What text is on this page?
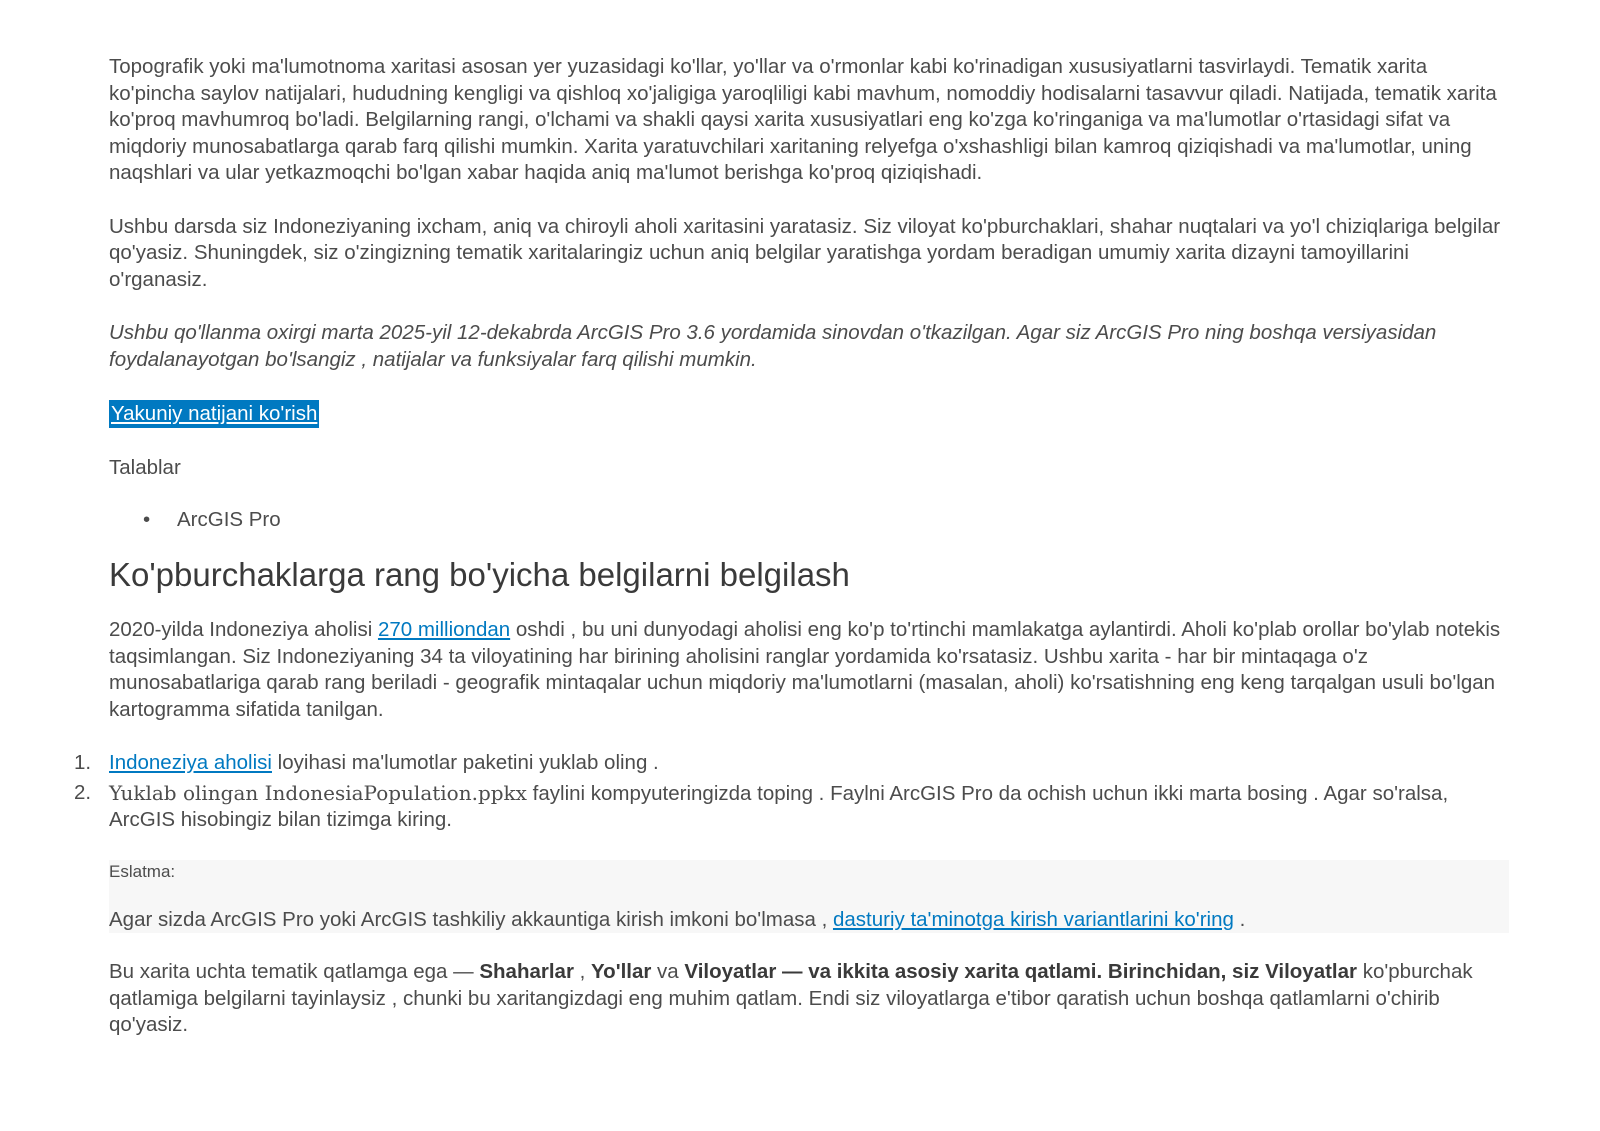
Topografik yoki ma'lumotnoma xaritasi asosan yer yuzasidagi ko'llar, yo'llar va o'rmonlar kabi ko'rinadigan xususiyatlarni tasvirlaydi. Tematik xarita ko'pincha saylov natijalari, hududning kengligi va qishloq xo'jaligiga yaroqliligi kabi mavhum, nomoddiy hodisalarni tasavvur qiladi. Natijada, tematik xarita ko'proq mavhumroq bo'ladi. Belgilarning rangi, o'lchami va shakli qaysi xarita xususiyatlari eng ko'zga ko'ringaniga va ma'lumotlar o'rtasidagi sifat va miqdoriy munosabatlarga qarab farq qilishi mumkin. Xarita yaratuvchilari xaritaning relyefga o'xshashligi bilan kamroq qiziqishadi va ma'lumotlar, uning naqshlari va ular yetkazmoqchi bo'lgan xabar haqida aniq ma'lumot berishga ko'proq qiziqishadi.

Ushbu darsda siz Indoneziyaning ixcham, aniq va chiroyli aholi xaritasini yaratasiz. Siz viloyat ko'pburchaklari, shahar nuqtalari va yo'l chiziqlariga belgilar qo'yasiz. Shuningdek, siz o'zingizning tematik xaritalaringiz uchun aniq belgilar yaratishga yordam beradigan umumiy xarita dizayni tamoyillarini o'rganasiz.

Ushbu qo'llanma oxirgi marta 2025-yil 12-dekabrda ArcGIS Pro 3.6 yordamida sinovdan o'tkazilgan. Agar siz ArcGIS Pro ning boshqa versiyasidan foydalanayotgan bo'lsangiz , natijalar va funksiyalar farq qilishi mumkin.

Yakuniy natijani ko'rish

Talablar

• ArcGIS Pro
Ko'pburchaklarga rang bo'yicha belgilarni belgilash

2020-yilda Indoneziya aholisi 270 milliondan oshdi , bu uni dunyodagi aholisi eng ko'p to'rtinchi mamlakatga aylantirdi. Aholi ko'plab orollar bo'ylab notekis taqsimlangan. Siz Indoneziyaning 34 ta viloyatining har birining aholisini ranglar yordamida ko'rsatasiz. Ushbu xarita - har bir mintaqaga o'z munosabatlariga qarab rang beriladi - geografik mintaqalar uchun miqdoriy ma'lumotlarni (masalan, aholi) ko'rsatishning eng keng tarqalgan usuli bo'lgan kartogramma sifatida tanilgan.

1. Indoneziya aholisi loyihasi ma'lumotlar paketini yuklab oling .
2. Yuklab olingan IndonesiaPopulation.ppkx faylini kompyuteringizda toping . Faylni ArcGIS Pro da ochish uchun ikki marta bosing . Agar so'ralsa, ArcGIS hisobingiz bilan tizimga kiring.
Eslatma:

Agar sizda ArcGIS Pro yoki ArcGIS tashkiliy akkauntiga kirish imkoni bo'lmasa , dasturiy ta'minotga kirish variantlarini ko'ring .

Bu xarita uchta tematik qatlamga ega — Shaharlar , Yo'llar va Viloyatlar — va ikkita asosiy xarita qatlami. Birinchidan, siz Viloyatlar ko'pburchak qatlamiga belgilarni tayinlaysiz , chunki bu xaritangizdagi eng muhim qatlam. Endi siz viloyatlarga e'tibor qaratish uchun boshqa qatlamlarni o'chirib qo'yasiz.
